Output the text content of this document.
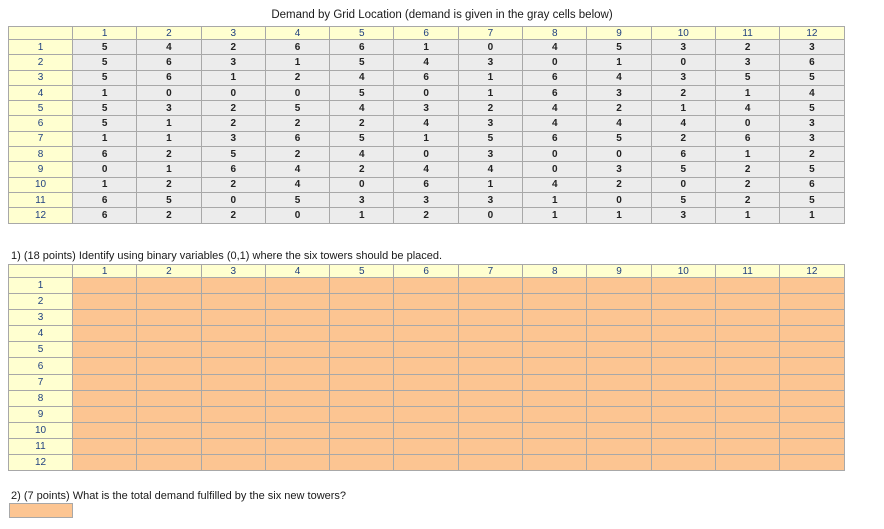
Demand by Grid Location (demand is given in the gray cells below)
	1	2	3	4	5	6	7	8	9	10	11	12
1	5	4	2	6	6	1	0	4	5	3	2	3
2	5	6	3	1	5	4	3	0	1	0	3	6
3	5	6	1	2	4	6	1	6	4	3	5	5
4	1	0	0	0	5	0	1	6	3	2	1	4
5	5	3	2	5	4	3	2	4	2	1	4	5
6	5	1	2	2	2	4	3	4	4	4	0	3
7	1	1	3	6	5	1	5	6	5	2	6	3
8	6	2	5	2	4	0	3	0	0	6	1	2
9	0	1	6	4	2	4	4	0	3	5	2	5
10	1	2	2	4	0	6	1	4	2	0	2	6
11	6	5	0	5	3	3	3	1	0	5	2	5
12	6	2	2	0	1	2	0	1	1	3	1	1
1) (18 points) Identify using binary variables (0,1) where the six towers should be placed.
	1	2	3	4	5	6	7	8	9	10	11	12
1												
2												
3												
4												
5												
6												
7												
8												
9												
10												
11												
12												
2) (7 points) What is the total demand fulfilled by the six new towers?
